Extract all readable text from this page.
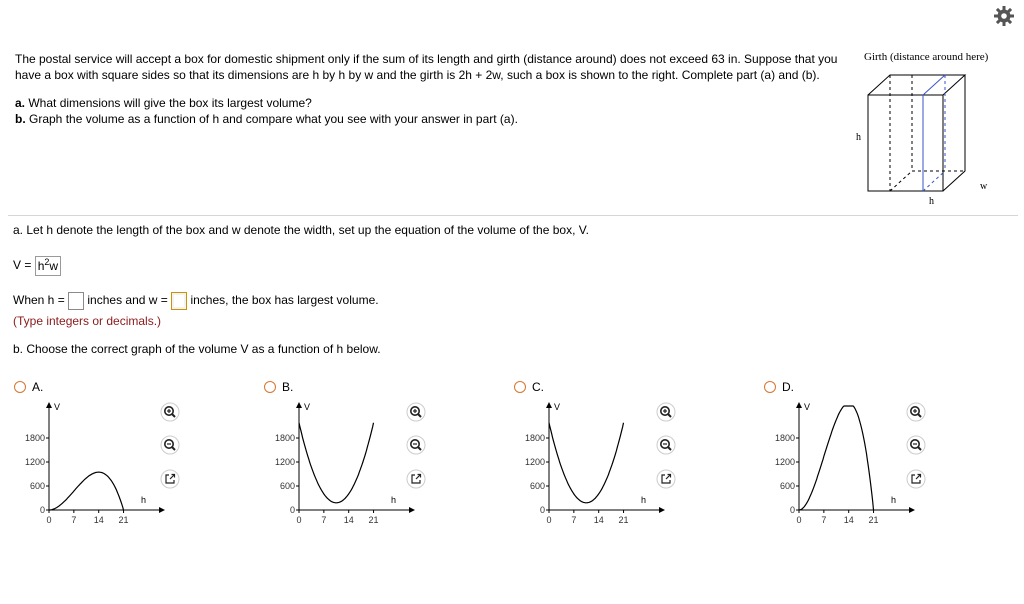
The postal service will accept a box for domestic shipment only if the sum of its length and girth (distance around) does not exceed 63 in. Suppose that you have a box with square sides so that its dimensions are h by h by w and the girth is 2h + 2w, such a box is shown to the right. Complete part (a) and (b).

a. What dimensions will give the box its largest volume?

b. Graph the volume as a function of h and compare what you see with your answer in part (a).

Girth (distance around here)
h
h
w
a. Let h denote the length of the box and w denote the width, set up the equation of the volume of the box, V.
$V = h^2w$
When h = inches and w = inches, the box has largest volume.
(Type integers or decimals.)
b. Choose the correct graph of the volume V as a function of h below.
A.
V
h
1800
1200
600
0
0 7 14 21
B.
V
h
1800
1200
600
0
0 7 14 21
C.
V
h
1800
1200
600
0
0 7 14 21
D.
V
h
1800
1200
600
0
0 7 14 21
